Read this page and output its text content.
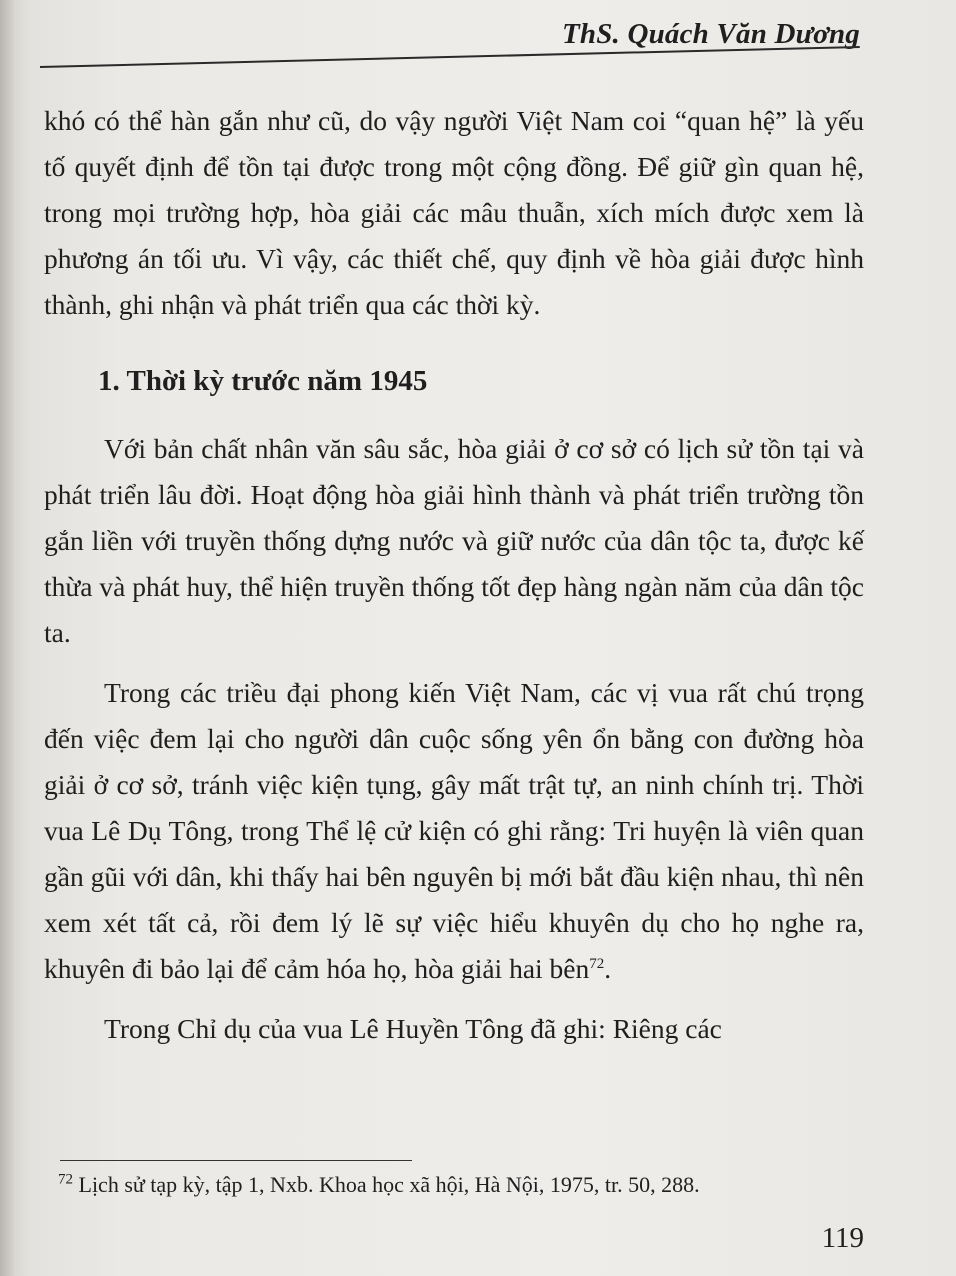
ThS. Quách Văn Dương

khó có thể hàn gắn như cũ, do vậy người Việt Nam coi “quan hệ” là yếu tố quyết định để tồn tại được trong một cộng đồng. Để giữ gìn quan hệ, trong mọi trường hợp, hòa giải các mâu thuẫn, xích mích được xem là phương án tối ưu. Vì vậy, các thiết chế, quy định về hòa giải được hình thành, ghi nhận và phát triển qua các thời kỳ.

1. Thời kỳ trước năm 1945

Với bản chất nhân văn sâu sắc, hòa giải ở cơ sở có lịch sử tồn tại và phát triển lâu đời. Hoạt động hòa giải hình thành và phát triển trường tồn gắn liền với truyền thống dựng nước và giữ nước của dân tộc ta, được kế thừa và phát huy, thể hiện truyền thống tốt đẹp hàng ngàn năm của dân tộc ta.

Trong các triều đại phong kiến Việt Nam, các vị vua rất chú trọng đến việc đem lại cho người dân cuộc sống yên ổn bằng con đường hòa giải ở cơ sở, tránh việc kiện tụng, gây mất trật tự, an ninh chính trị. Thời vua Lê Dụ Tông, trong Thể lệ cử kiện có ghi rằng: Tri huyện là viên quan gần gũi với dân, khi thấy hai bên nguyên bị mới bắt đầu kiện nhau, thì nên xem xét tất cả, rồi đem lý lẽ sự việc hiểu khuyên dụ cho họ nghe ra, khuyên đi bảo lại để cảm hóa họ, hòa giải hai bên$^{72}$.

Trong Chỉ dụ của vua Lê Huyền Tông đã ghi: Riêng các

$^{72}$ Lịch sử tạp kỳ, tập 1, Nxb. Khoa học xã hội, Hà Nội, 1975, tr. 50, 288.
119
